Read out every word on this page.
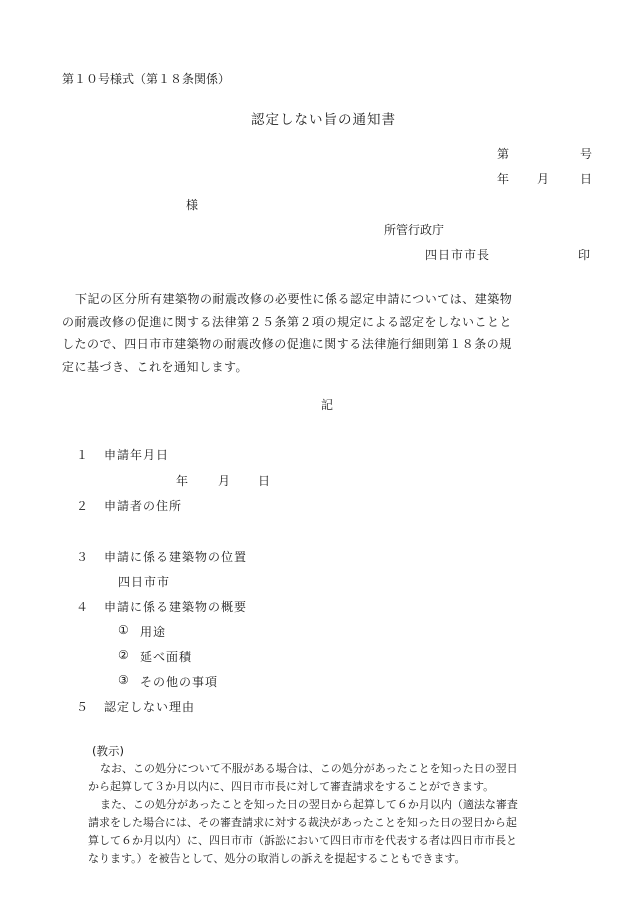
第１０号様式（第１８条関係）
認定しない旨の通知書
第	号
年 月	日
様
所管行政庁
四日市市長	印
下記の区分所有建築物の耐震改修の必要性に係る認定申請については、建築物
の耐震改修の促進に関する法律第２５条第２項の規定による認定をしないことと
したので、四日市市建築物の耐震改修の促進に関する法律施行細則第１８条の規
定に基づき、これを通知します。
記
１ 申請年月日
年 月 日
２ 申請者の住所
３ 申請に係る建築物の位置
四日市市
４ 申請に係る建築物の概要
① 用途
② 延べ面積
③ その他の事項
５ 認定しない理由
(教示)
なお、この処分について不服がある場合は、この処分があったことを知った日の翌日
から起算して３か月以内に、四日市市長に対して審査請求をすることができます。
また、この処分があったことを知った日の翌日から起算して６か月以内（適法な審査
請求をした場合には、その審査請求に対する裁決があったことを知った日の翌日から起
算して６か月以内）に、四日市市（訴訟において四日市市を代表する者は四日市市長と
なります。）を被告として、処分の取消しの訴えを提起することもできます。
